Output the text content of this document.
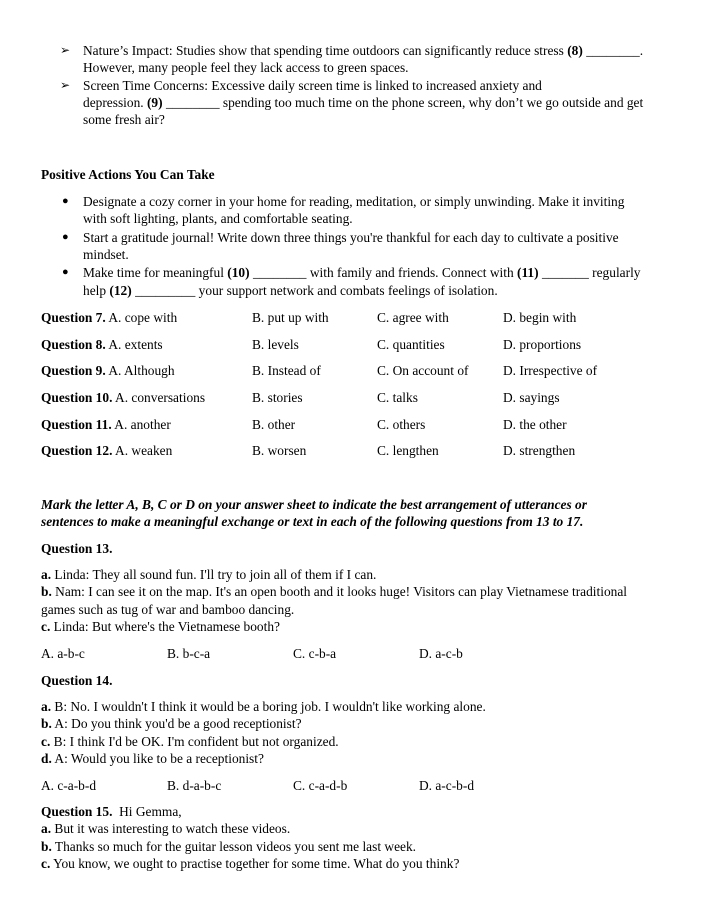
➢ Nature’s Impact: Studies show that spending time outdoors can significantly reduce stress (8) ________.
However, many people feel they lack access to green spaces.
➢ Screen Time Concerns: Excessive daily screen time is linked to increased anxiety and
depression. (9) ________ spending too much time on the phone screen, why don’t we go outside and get
some fresh air?
Positive Actions You Can Take
● Designate a cozy corner in your home for reading, meditation, or simply unwinding. Make it inviting
with soft lighting, plants, and comfortable seating.
● Start a gratitude journal! Write down three things you're thankful for each day to cultivate a positive
mindset.
● Make time for meaningful (10) ________ with family and friends. Connect with (11) _______ regularly
help (12) _________ your support network and combats feelings of isolation.
Question 7. A. cope with	B. put up with	C. agree with	D. begin with
Question 8. A. extents	B. levels	C. quantities	D. proportions
Question 9. A. Although	B. Instead of	C. On account of	D. Irrespective of
Question 10. A. conversations	B. stories	C. talks	D. sayings
Question 11. A. another	B. other	C. others	D. the other
Question 12. A. weaken	B. worsen	C. lengthen	D. strengthen
Mark the letter A, B, C or D on your answer sheet to indicate the best arrangement of utterances or
sentences to make a meaningful exchange or text in each of the following questions from 13 to 17.
Question 13.
a. Linda: They all sound fun. I'll try to join all of them if I can.
b. Nam: I can see it on the map. It's an open booth and it looks huge! Visitors can play Vietnamese traditional
games such as tug of war and bamboo dancing.
c. Linda: But where's the Vietnamese booth?
A. a-b-c	B. b-c-a	C. c-b-a	D. a-c-b
Question 14.
a. B: No. I wouldn't I think it would be a boring job. I wouldn't like working alone.
b. A: Do you think you'd be a good receptionist?
c. B: I think I'd be OK. I'm confident but not organized.
d. A: Would you like to be a receptionist?
A. c-a-b-d	B. d-a-b-c	C. c-a-d-b	D. a-c-b-d
Question 15.  Hi Gemma,
a. But it was interesting to watch these videos.
b. Thanks so much for the guitar lesson videos you sent me last week.
c. You know, we ought to practise together for some time. What do you think?
